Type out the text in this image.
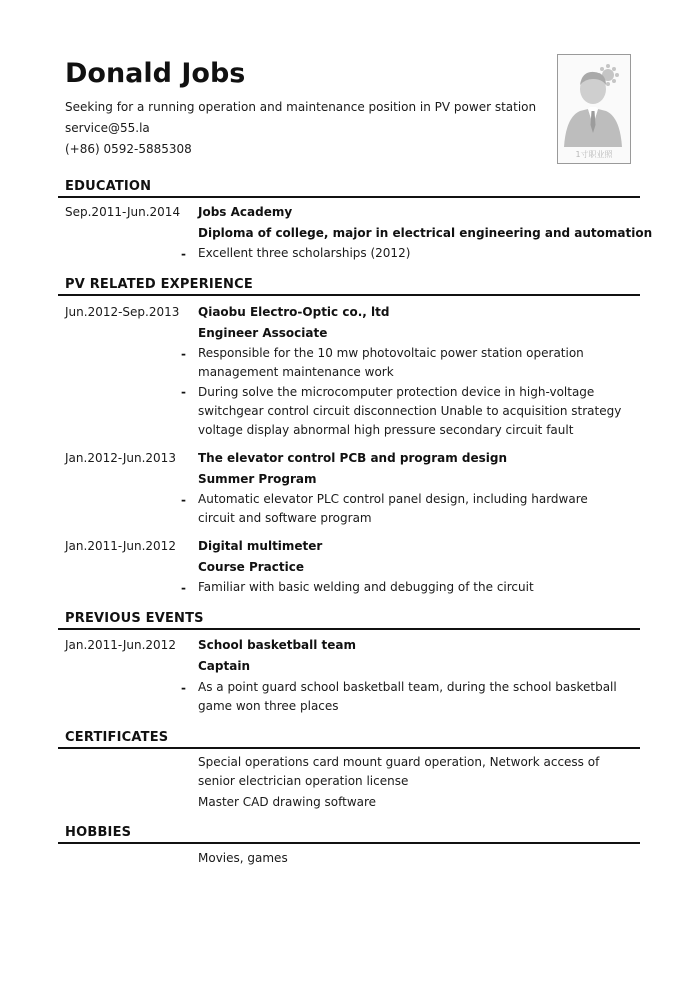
Donald Jobs
Seeking for a running operation and maintenance position in PV power station
service@55.la
(+86) 0592-5885308	1寸职业照
EDUCATION
Sep.2011-Jun.2014 Jobs Academy
Diploma of college, major in electrical engineering and automation
- Excellent three scholarships (2012)
PV RELATED EXPERIENCE
Jun.2012-Sep.2013 Qiaobu Electro-Optic co., ltd
Engineer Associate
- Responsible for the 10 mw photovoltaic power station operation management maintenance work
- During solve the microcomputer protection device in high-voltage switchgear control circuit disconnection Unable to acquisition strategy voltage display abnormal high pressure secondary circuit fault
Jan.2012-Jun.2013 The elevator control PCB and program design
Summer Program
- Automatic elevator PLC control panel design, including hardware circuit and software program
Jan.2011-Jun.2012 Digital multimeter
Course Practice
- Familiar with basic welding and debugging of the circuit
PREVIOUS EVENTS
Jan.2011-Jun.2012 School basketball team
Captain
- As a point guard school basketball team, during the school basketball game won three places
CERTIFICATES
Special operations card mount guard operation, Network access of senior electrician operation license
Master CAD drawing software
HOBBIES
Movies, games
